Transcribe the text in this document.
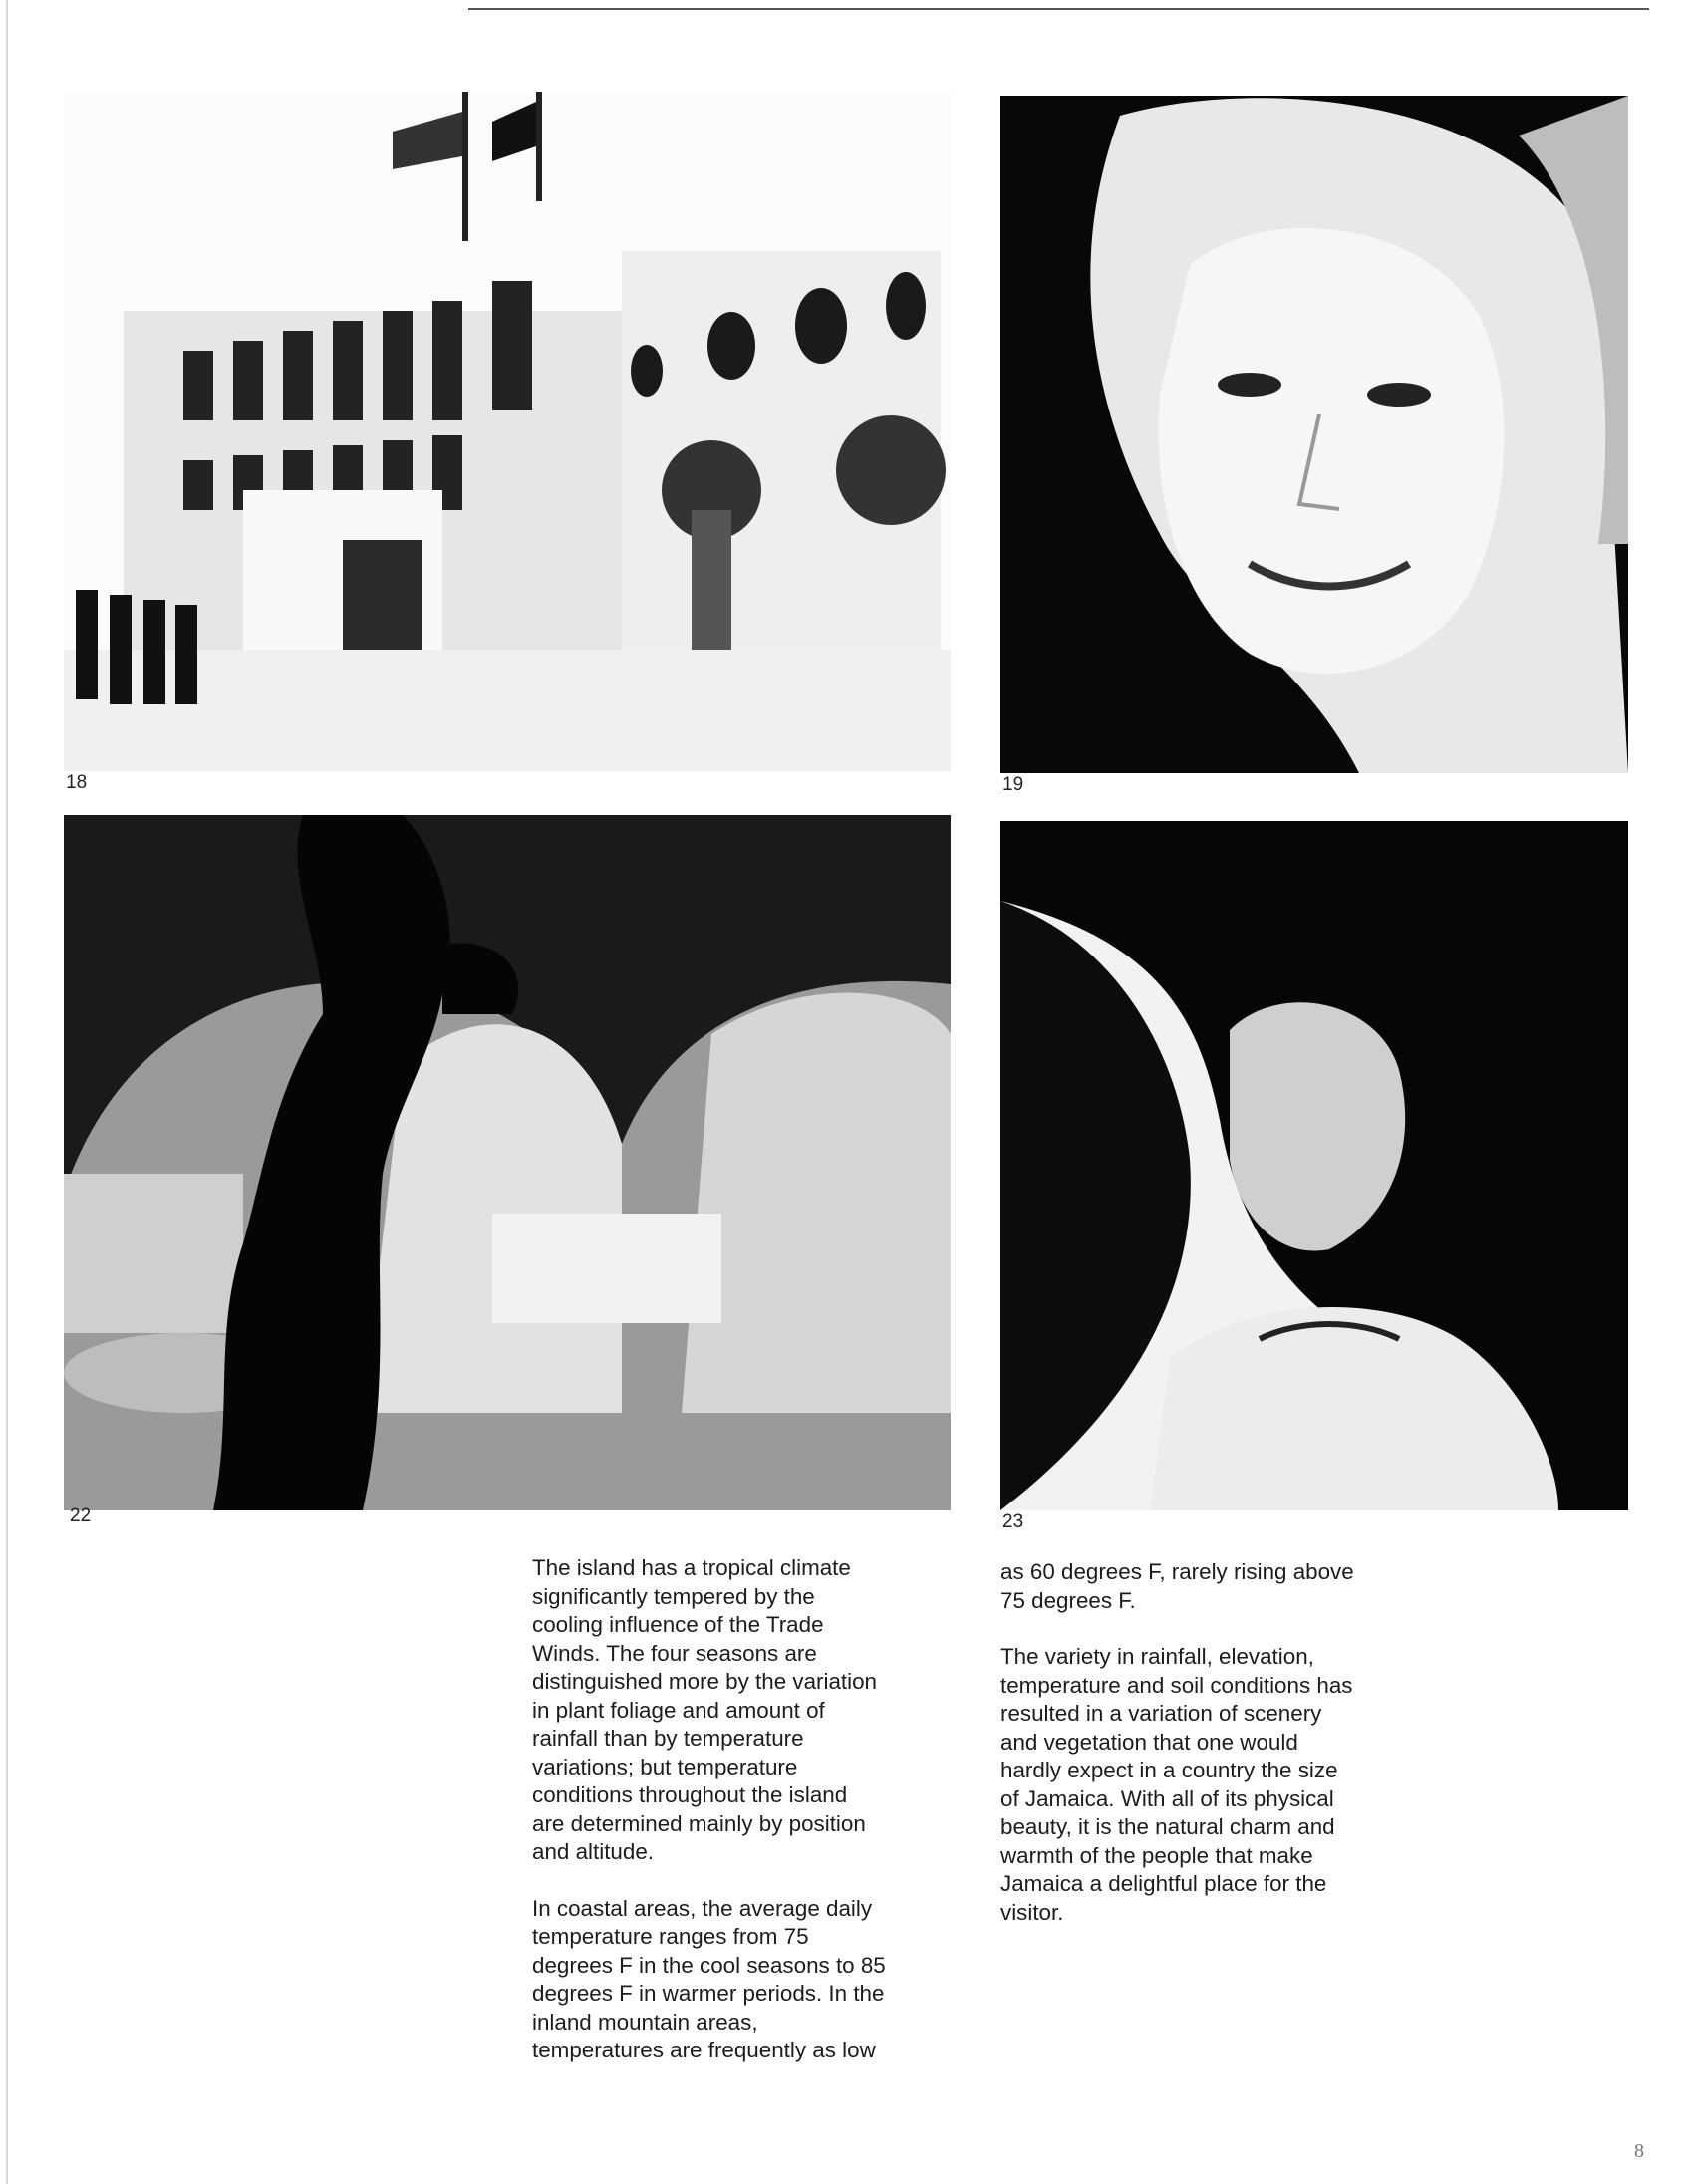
18	19
22	23

The island has a tropical climate
significantly tempered by the
cooling influence of the Trade
Winds. The four seasons are
distinguished more by the variation
in plant foliage and amount of
rainfall than by temperature
variations; but temperature
conditions throughout the island
are determined mainly by position
and altitude.

In coastal areas, the average daily
temperature ranges from 75
degrees F in the cool seasons to 85
degrees F in warmer periods. In the
inland mountain areas,
temperatures are frequently as low

as 60 degrees F, rarely rising above
75 degrees F.

The variety in rainfall, elevation,
temperature and soil conditions has
resulted in a variation of scenery
and vegetation that one would
hardly expect in a country the size
of Jamaica. With all of its physical
beauty, it is the natural charm and
warmth of the people that make
Jamaica a delightful place for the
visitor.

8
